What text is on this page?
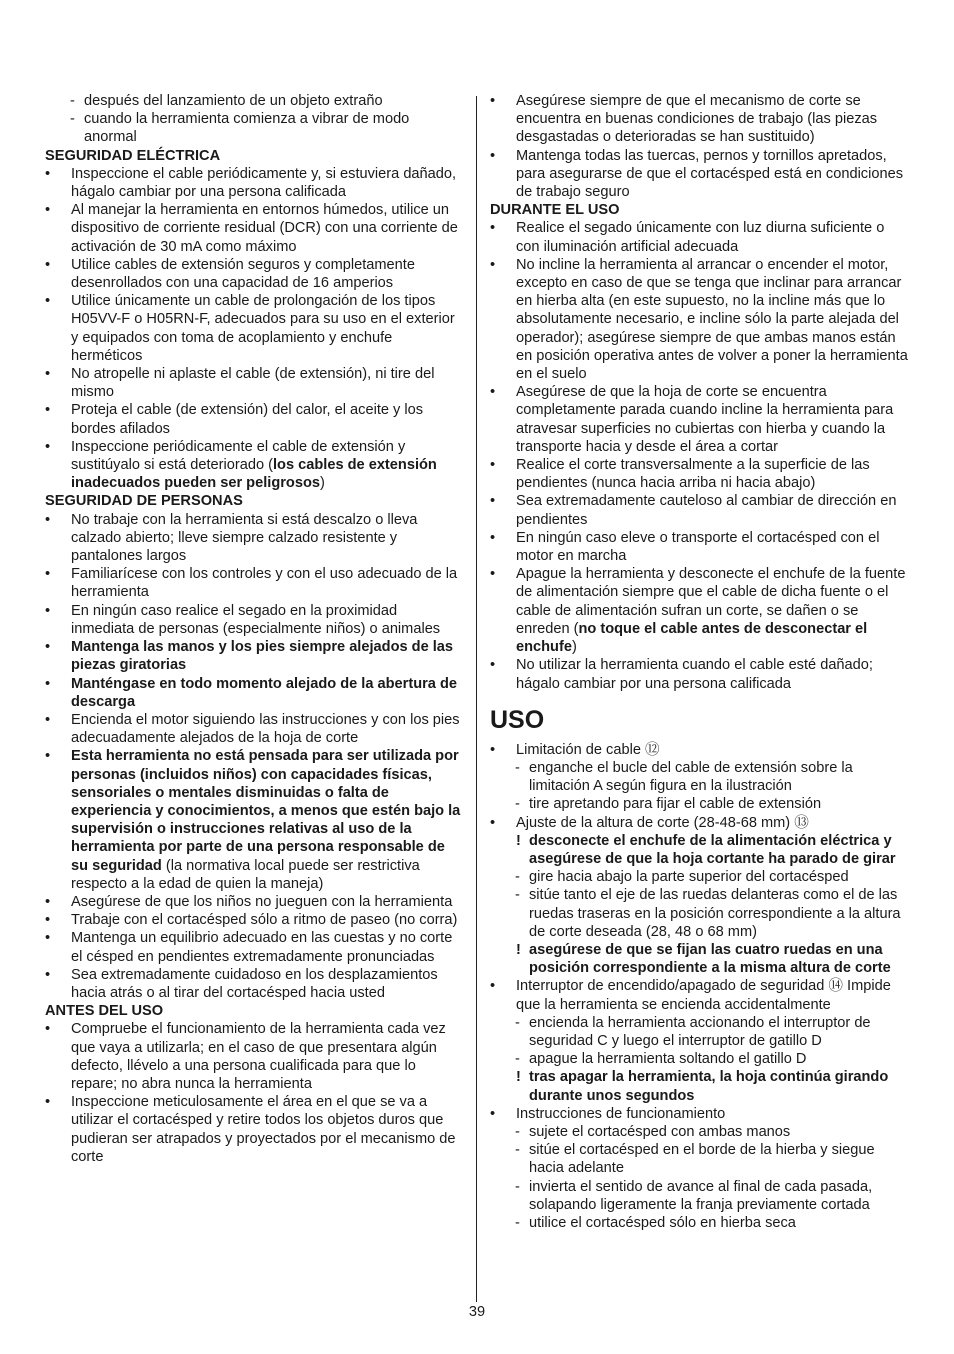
- después del lanzamiento de un objeto extraño
- cuando la herramienta comienza a vibrar de modo anormal
SEGURIDAD ELÉCTRICA
•	Inspeccione el cable periódicamente y, si estuviera dañado, hágalo cambiar por una persona calificada
•	Al manejar la herramienta en entornos húmedos, utilice un dispositivo de corriente residual (DCR) con una corriente de activación de 30 mA como máximo
•	Utilice cables de extensión seguros y completamente desenrollados con una capacidad de 16 amperios
•	Utilice únicamente un cable de prolongación de los tipos H05VV-F o H05RN-F, adecuados para su uso en el exterior y equipados con toma de acoplamiento y enchufe herméticos
•	No atropelle ni aplaste el cable (de extensión), ni tire del mismo
•	Proteja el cable (de extensión) del calor, el aceite y los bordes afilados
•	Inspeccione periódicamente el cable de extensión y sustitúyalo si está deteriorado (los cables de extensión inadecuados pueden ser peligrosos)
SEGURIDAD DE PERSONAS
•	No trabaje con la herramienta si está descalzo o lleva calzado abierto; lleve siempre calzado resistente y pantalones largos
•	Familiarícese con los controles y con el uso adecuado de la herramienta
•	En ningún caso realice el segado en la proximidad inmediata de personas (especialmente niños) o animales
•	Mantenga las manos y los pies siempre alejados de las piezas giratorias
•	Manténgase en todo momento alejado de la abertura de descarga
•	Encienda el motor siguiendo las instrucciones y con los pies adecuadamente alejados de la hoja de corte
•	Esta herramienta no está pensada para ser utilizada por personas (incluidos niños) con capacidades físicas, sensoriales o mentales disminuidas o falta de experiencia y conocimientos, a menos que estén bajo la supervisión o instrucciones relativas al uso de la herramienta por parte de una persona responsable de su seguridad (la normativa local puede ser restrictiva respecto a la edad de quien la maneja)
•	Asegúrese de que los niños no jueguen con la herramienta
•	Trabaje con el cortacésped sólo a ritmo de paseo (no corra)
•	Mantenga un equilibrio adecuado en las cuestas y no corte el césped en pendientes extremadamente pronunciadas
•	Sea extremadamente cuidadoso en los desplazamientos hacia atrás o al tirar del cortacésped hacia usted
ANTES DEL USO
•	Compruebe el funcionamiento de la herramienta cada vez que vaya a utilizarla; en el caso de que presentara algún defecto, llévelo a una persona cualificada para que lo repare; no abra nunca la herramienta
•	Inspeccione meticulosamente el área en el que se va a utilizar el cortacésped y retire todos los objetos duros que pudieran ser atrapados y proyectados por el mecanismo de corte
•	Asegúrese siempre de que el mecanismo de corte se encuentra en buenas condiciones de trabajo (las piezas desgastadas o deterioradas se han sustituido)
•	Mantenga todas las tuercas, pernos y tornillos apretados, para asegurarse de que el cortacésped está en condiciones de trabajo seguro
DURANTE EL USO
•	Realice el segado únicamente con luz diurna suficiente o con iluminación artificial adecuada
•	No incline la herramienta al arrancar o encender el motor, excepto en caso de que se tenga que inclinar para arrancar en hierba alta (en este supuesto, no la incline más que lo absolutamente necesario, e incline sólo la parte alejada del operador); asegúrese siempre de que ambas manos están en posición operativa antes de volver a poner la herramienta en el suelo
•	Asegúrese de que la hoja de corte se encuentra completamente parada cuando incline la herramienta para atravesar superficies no cubiertas con hierba y cuando la transporte hacia y desde el área a cortar
•	Realice el corte transversalmente a la superficie de las pendientes (nunca hacia arriba ni hacia abajo)
•	Sea extremadamente cauteloso al cambiar de dirección en pendientes
•	En ningún caso eleve o transporte el cortacésped con el motor en marcha
•	Apague la herramienta y desconecte el enchufe de la fuente de alimentación siempre que el cable de dicha fuente o el cable de alimentación sufran un corte, se dañen o se enreden (no toque el cable antes de desconectar el enchufe)
•	No utilizar la herramienta cuando el cable esté dañado; hágalo cambiar por una persona calificada
USO
•	Limitación de cable ⑫
- enganche el bucle del cable de extensión sobre la limitación A según figura en la ilustración
- tire apretando para fijar el cable de extensión
•	Ajuste de la altura de corte (28-48-68 mm) ⑬
! desconecte el enchufe de la alimentación eléctrica y asegúrese de que la hoja cortante ha parado de girar
- gire hacia abajo la parte superior del cortacésped
- sitúe tanto el eje de las ruedas delanteras como el de las ruedas traseras en la posición correspondiente a la altura de corte deseada (28, 48 o 68 mm)
! asegúrese de que se fijan las cuatro ruedas en una posición correspondiente a la misma altura de corte
•	Interruptor de encendido/apagado de seguridad ⑭ Impide que la herramienta se encienda accidentalmente
- encienda la herramienta accionando el interruptor de seguridad C y luego el interruptor de gatillo D
- apague la herramienta soltando el gatillo D
! tras apagar la herramienta, la hoja continúa girando durante unos segundos
•	Instrucciones de funcionamiento
- sujete el cortacésped con ambas manos
- sitúe el cortacésped en el borde de la hierba y siegue hacia adelante
- invierta el sentido de avance al final de cada pasada, solapando ligeramente la franja previamente cortada
- utilice el cortacésped sólo en hierba seca
39
